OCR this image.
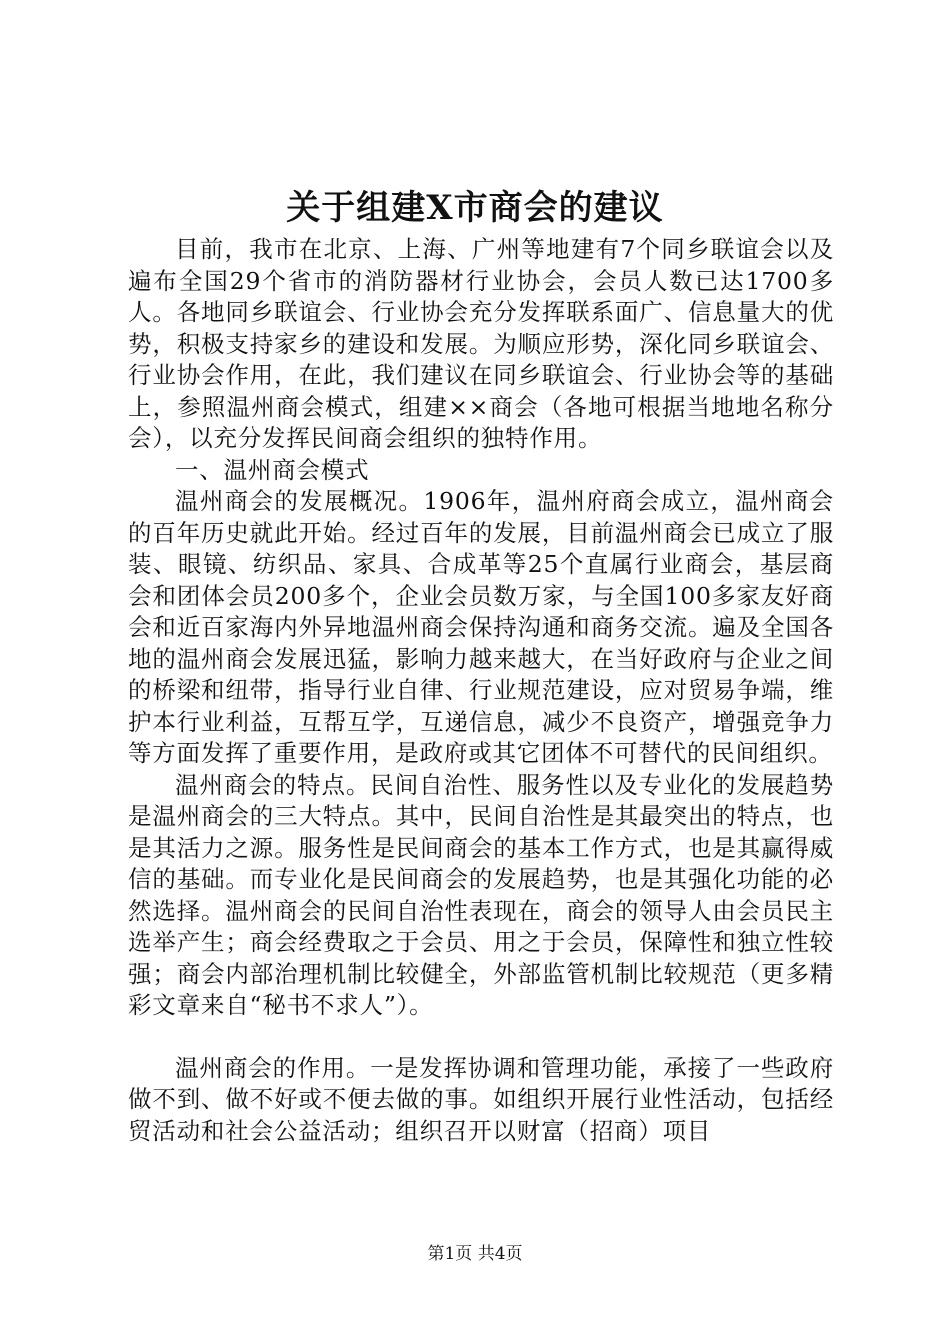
关于组建X市商会的建议

目前，我市在北京、上海、广州等地建有7个同乡联谊会以及遍布全国29个省市的消防器材行业协会，会员人数已达1700多人。各地同乡联谊会、行业协会充分发挥联系面广、信息量大的优势，积极支持家乡的建设和发展。为顺应形势，深化同乡联谊会、行业协会作用，在此，我们建议在同乡联谊会、行业协会等的基础上，参照温州商会模式，组建××商会（各地可根据当地地名称分会），以充分发挥民间商会组织的独特作用。

一、温州商会模式

温州商会的发展概况。1906年，温州府商会成立，温州商会的百年历史就此开始。经过百年的发展，目前温州商会已成立了服装、眼镜、纺织品、家具、合成革等25个直属行业商会，基层商会和团体会员200多个，企业会员数万家，与全国100多家友好商会和近百家海内外异地温州商会保持沟通和商务交流。遍及全国各地的温州商会发展迅猛，影响力越来越大，在当好政府与企业之间的桥梁和纽带，指导行业自律、行业规范建设，应对贸易争端，维护本行业利益，互帮互学，互递信息，减少不良资产，增强竞争力等方面发挥了重要作用，是政府或其它团体不可替代的民间组织。

温州商会的特点。民间自治性、服务性以及专业化的发展趋势是温州商会的三大特点。其中，民间自治性是其最突出的特点，也是其活力之源。服务性是民间商会的基本工作方式，也是其赢得威信的基础。而专业化是民间商会的发展趋势，也是其强化功能的必然选择。温州商会的民间自治性表现在，商会的领导人由会员民主选举产生；商会经费取之于会员、用之于会员，保障性和独立性较强；商会内部治理机制比较健全，外部监管机制比较规范（更多精彩文章来自“秘书不求人”）。

温州商会的作用。一是发挥协调和管理功能，承接了一些政府做不到、做不好或不便去做的事。如组织开展行业性活动，包括经贸活动和社会公益活动；组织召开以财富（招商）项目

第1页 共4页
